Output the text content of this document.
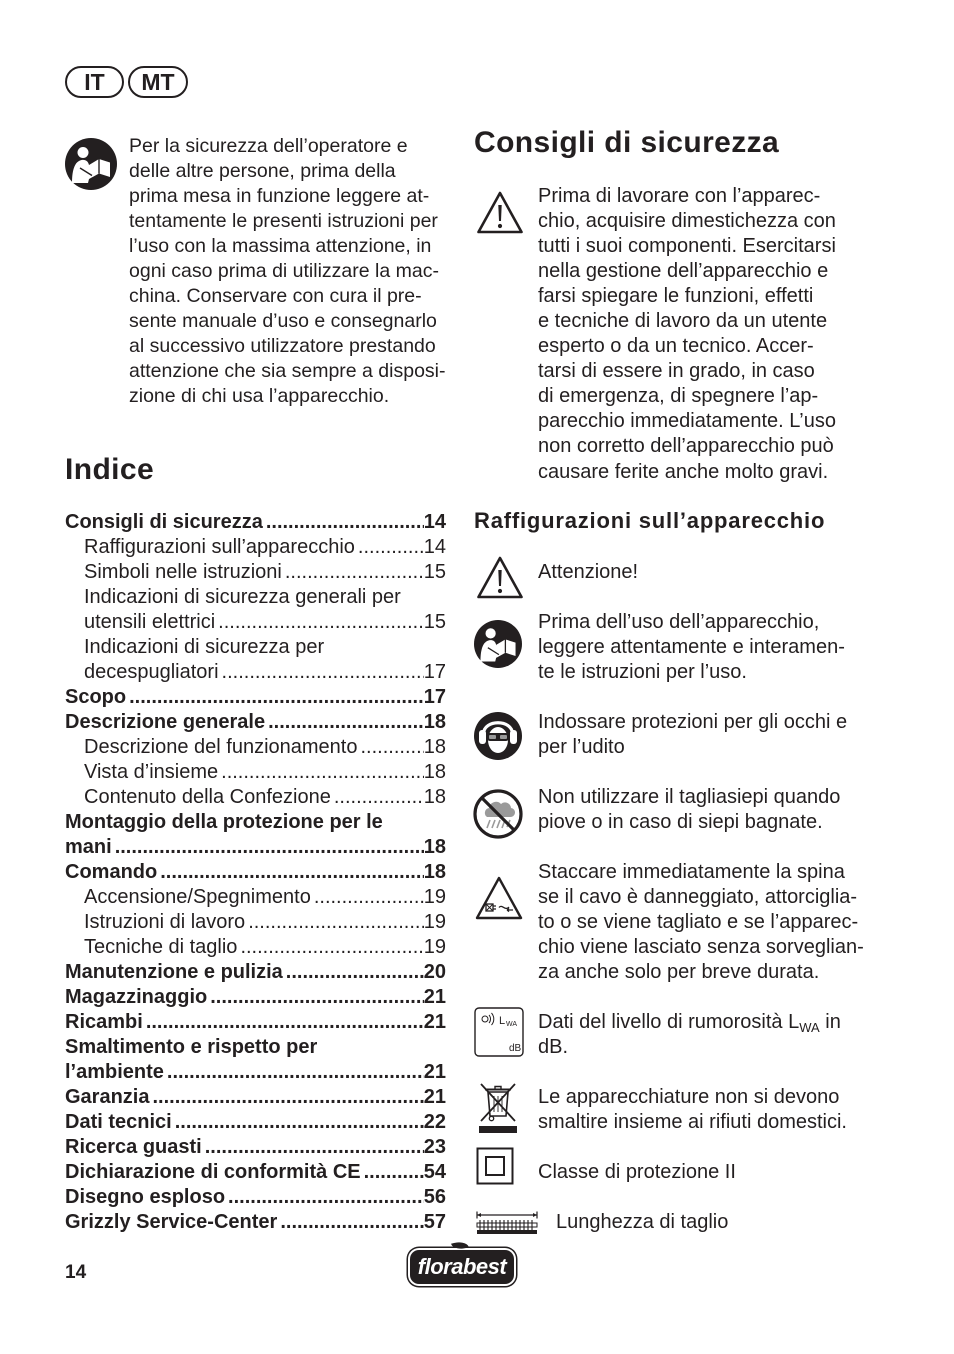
IT	MT
Per la sicurezza dell’operatore e
delle altre persone, prima della
prima mesa in funzione leggere at-
tentamente le presenti istruzioni per
l’uso con la massima attenzione, in
ogni caso prima di utilizzare la mac-
china. Conservare con cura il pre-
sente manuale d’uso e consegnarlo
al successivo utilizzatore prestando
attenzione che sia sempre a disposi-
zione di chi usa l’apparecchio.
Indice
Consigli di sicurezza .....	14
Raffigurazioni sull’apparecchio .....	14
Simboli nelle istruzioni .....	15
Indicazioni di sicurezza generali per
utensili elettrici .....	15
Indicazioni di sicurezza per
decespugliatori .....	17
Scopo .....	17
Descrizione generale .....	18
Descrizione del funzionamento .....	18
Vista d’insieme .....	18
Contenuto della Confezione .....	18
Montaggio della protezione per le
mani .....	18
Comando .....	18
Accensione/Spegnimento .....	19
Istruzioni di lavoro .....	19
Tecniche di taglio .....	19
Manutenzione e pulizia .....	20
Magazzinaggio .....	21
Ricambi .....	21
Smaltimento e rispetto per
l’ambiente .....	21
Garanzia .....	21
Dati tecnici .....	22
Ricerca guasti .....	23
Dichiarazione di conformità CE .....	54
Disegno esploso .....	56
Grizzly Service-Center .....	57
Consigli di sicurezza
Prima di lavorare con l’apparec-
chio, acquisire dimestichezza con
tutti i suoi componenti. Esercitarsi
nella gestione dell’apparecchio e
farsi spiegare le funzioni, effetti
e tecniche di lavoro da un utente
esperto o da un tecnico. Accer-
tarsi di essere in grado, in caso
di emergenza, di spegnere l’ap-
parecchio immediatamente. L’uso
non corretto dell’apparecchio può
causare ferite anche molto gravi.
Raffigurazioni sull’apparecchio
Attenzione!
Prima dell’uso dell’apparecchio,
leggere attentamente e interamen-
te le istruzioni per l’uso.
Indossare protezioni per gli occhi e
per l’udito
Non utilizzare il tagliasiepi quando
piove o in caso di siepi bagnate.
Staccare immediatamente la spina
se il cavo è danneggiato, attorciglia-
to o se viene tagliato e se l’apparec-
chio viene lasciato senza sorveglian-
za anche solo per breve durata.
L WA
dB
Dati del livello di rumorosità $L_{WA}$ in
dB.
Le apparecchiature non si devono
smaltire insieme ai rifiuti domestici.
Classe di protezione II
Lunghezza di taglio
14	florabest
